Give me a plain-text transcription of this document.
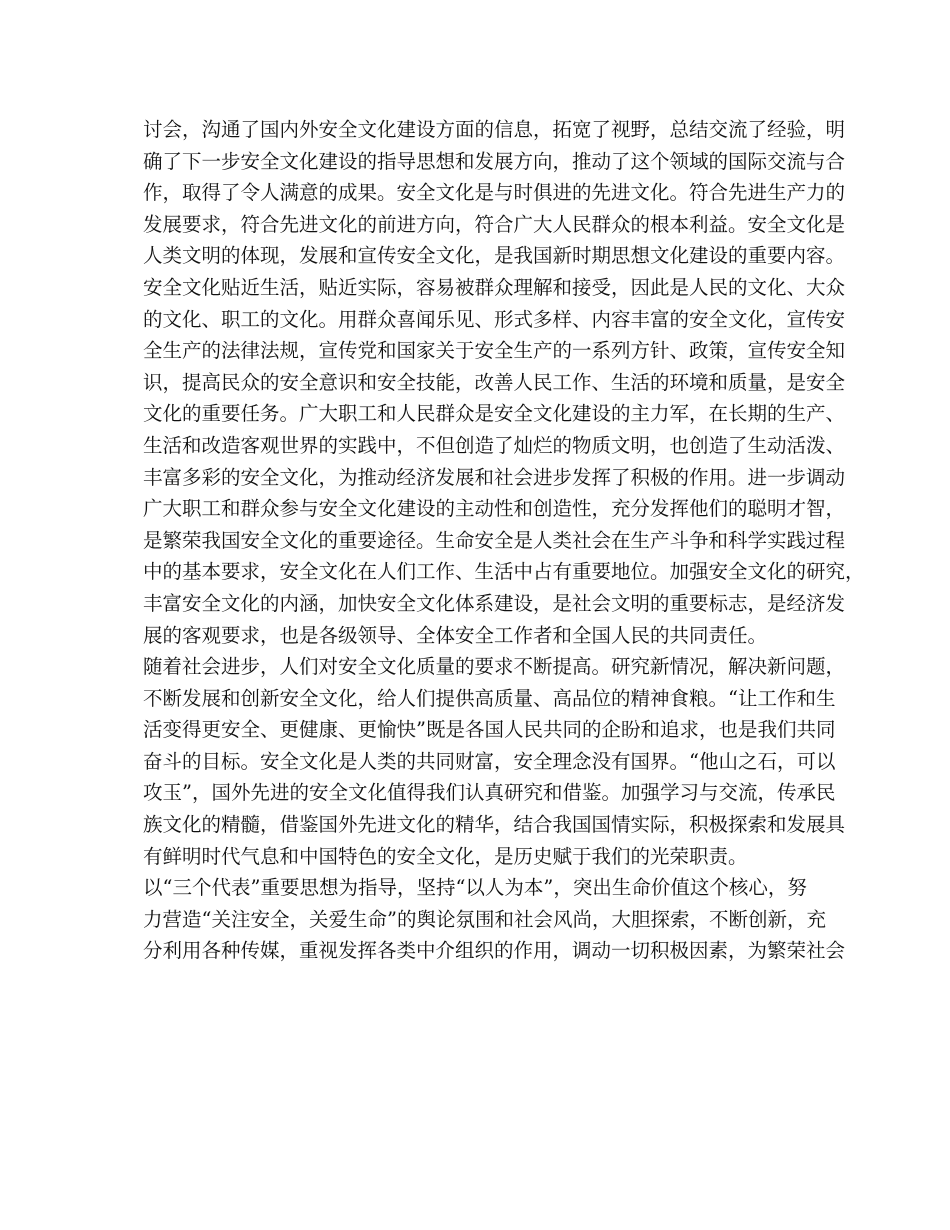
讨会，沟通了国内外安全文化建设方面的信息，拓宽了视野，总结交流了经验，明
确了下一步安全文化建设的指导思想和发展方向，推动了这个领域的国际交流与合
作，取得了令人满意的成果。安全文化是与时俱进的先进文化。符合先进生产力的
发展要求，符合先进文化的前进方向，符合广大人民群众的根本利益。安全文化是
人类文明的体现，发展和宣传安全文化，是我国新时期思想文化建设的重要内容。
安全文化贴近生活，贴近实际，容易被群众理解和接受，因此是人民的文化、大众
的文化、职工的文化。用群众喜闻乐见、形式多样、内容丰富的安全文化，宣传安
全生产的法律法规，宣传党和国家关于安全生产的一系列方针、政策，宣传安全知
识，提高民众的安全意识和安全技能，改善人民工作、生活的环境和质量，是安全
文化的重要任务。广大职工和人民群众是安全文化建设的主力军，在长期的生产、
生活和改造客观世界的实践中，不但创造了灿烂的物质文明，也创造了生动活泼、
丰富多彩的安全文化，为推动经济发展和社会进步发挥了积极的作用。进一步调动
广大职工和群众参与安全文化建设的主动性和创造性，充分发挥他们的聪明才智，
是繁荣我国安全文化的重要途径。生命安全是人类社会在生产斗争和科学实践过程
中的基本要求，安全文化在人们工作、生活中占有重要地位。加强安全文化的研究，
丰富安全文化的内涵，加快安全文化体系建设，是社会文明的重要标志，是经济发
展的客观要求，也是各级领导、全体安全工作者和全国人民的共同责任。
随着社会进步，人们对安全文化质量的要求不断提高。研究新情况，解决新问题，
不断发展和创新安全文化，给人们提供高质量、高品位的精神食粮。“让工作和生
活变得更安全、更健康、更愉快”既是各国人民共同的企盼和追求，也是我们共同
奋斗的目标。安全文化是人类的共同财富，安全理念没有国界。“他山之石，可以
攻玉”，国外先进的安全文化值得我们认真研究和借鉴。加强学习与交流，传承民
族文化的精髓，借鉴国外先进文化的精华，结合我国国情实际，积极探索和发展具
有鲜明时代气息和中国特色的安全文化，是历史赋于我们的光荣职责。
以“三个代表”重要思想为指导，坚持“以人为本”，突出生命价值这个核心，努
力营造“关注安全，关爱生命”的舆论氛围和社会风尚，大胆探索，不断创新，充
分利用各种传媒，重视发挥各类中介组织的作用，调动一切积极因素，为繁荣社会
